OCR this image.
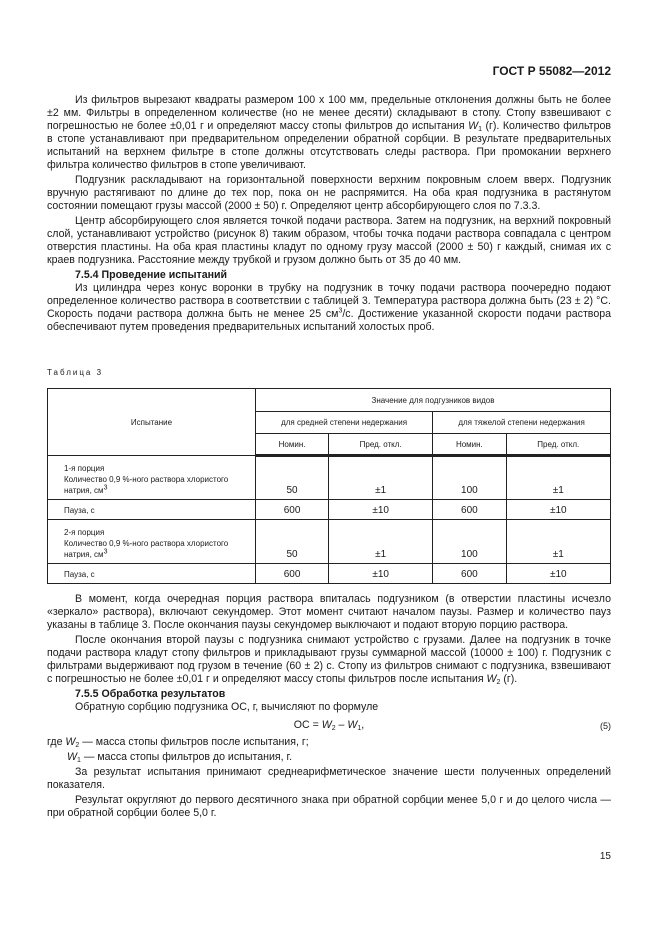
ГОСТ Р 55082—2012

Из фильтров вырезают квадраты размером 100 x 100 мм, предельные отклонения должны быть не более ±2 мм. Фильтры в определенном количестве (но не менее десяти) складывают в стопу. Стопу взвешивают с погрешностью не более ±0,01 г и определяют массу стопы фильтров до испытания $W_1$ (г). Количество фильтров в стопе устанавливают при предварительном определении обратной сорбции. В результате предварительных испытаний на верхнем фильтре в стопе должны отсутствовать следы раствора. При промокании верхнего фильтра количество фильтров в стопе увеличивают.

Подгузник раскладывают на горизонтальной поверхности верхним покровным слоем вверх. Подгузник вручную растягивают по длине до тех пор, пока он не распрямится. На оба края подгузника в растянутом состоянии помещают грузы массой (2000 ± 50) г. Определяют центр абсорбирующего слоя по 7.3.3.

Центр абсорбирующего слоя является точкой подачи раствора. Затем на подгузник, на верхний покровный слой, устанавливают устройство (рисунок 8) таким образом, чтобы точка подачи раствора совпадала с центром отверстия пластины. На оба края пластины кладут по одному грузу массой (2000 ± 50) г каждый, снимая их с краев подгузника. Расстояние между трубкой и грузом должно быть от 35 до 40 мм.

7.5.4 Проведение испытаний

Из цилиндра через конус воронки в трубку на подгузник в точку подачи раствора поочередно подают определенное количество раствора в соответствии с таблицей 3. Температура раствора должна быть (23 ± 2) °С. Скорость подачи раствора должна быть не менее 25 $см^3/с$. Достижение указанной скорости подачи раствора обеспечивают путем проведения предварительных испытаний холостых проб.

Таблица 3
Испытание	Значение для подгузников видов			
	для средней степени недержания		для тяжелой степени недержания	
	Номин.	Пред. откл.	Номин.	Пред. откл.
1-я порция
Количество 0,9 %-ного раствора хлористого натрия, $см^3$	50	±1	100	±1
Пауза, с	600	±10	600	±10
2-я порция
Количество 0,9 %-ного раствора хлористого натрия, $см^3$	50	±1	100	±1
Пауза, с	600	±10	600	±10

В момент, когда очередная порция раствора впиталась подгузником (в отверстии пластины исчезло «зеркало» раствора), включают секундомер. Этот момент считают началом паузы. Размер и количество пауз указаны в таблице 3. После окончания паузы секундомер выключают и подают вторую порцию раствора.

После окончания второй паузы с подгузника снимают устройство с грузами. Далее на подгузник в точке подачи раствора кладут стопу фильтров и прикладывают грузы суммарной массой (10000 ± 100) г. Подгузник с фильтрами выдерживают под грузом в течение (60 ± 2) с. Стопу из фильтров снимают с подгузника, взвешивают с погрешностью не более ±0,01 г и определяют массу стопы фильтров после испытания $W_2$ (г).

7.5.5 Обработка результатов

Обратную сорбцию подгузника ОС, г, вычисляют по формуле

ОС = $W_2 - W_1$,	(5)

где $W_2$ — масса стопы фильтров после испытания, г;

$W_1$ — масса стопы фильтров до испытания, г.

За результат испытания принимают среднеарифметическое значение шести полученных определений показателя.

Результат округляют до первого десятичного знака при обратной сорбции менее 5,0 г и до целого числа — при обратной сорбции более 5,0 г.

15
